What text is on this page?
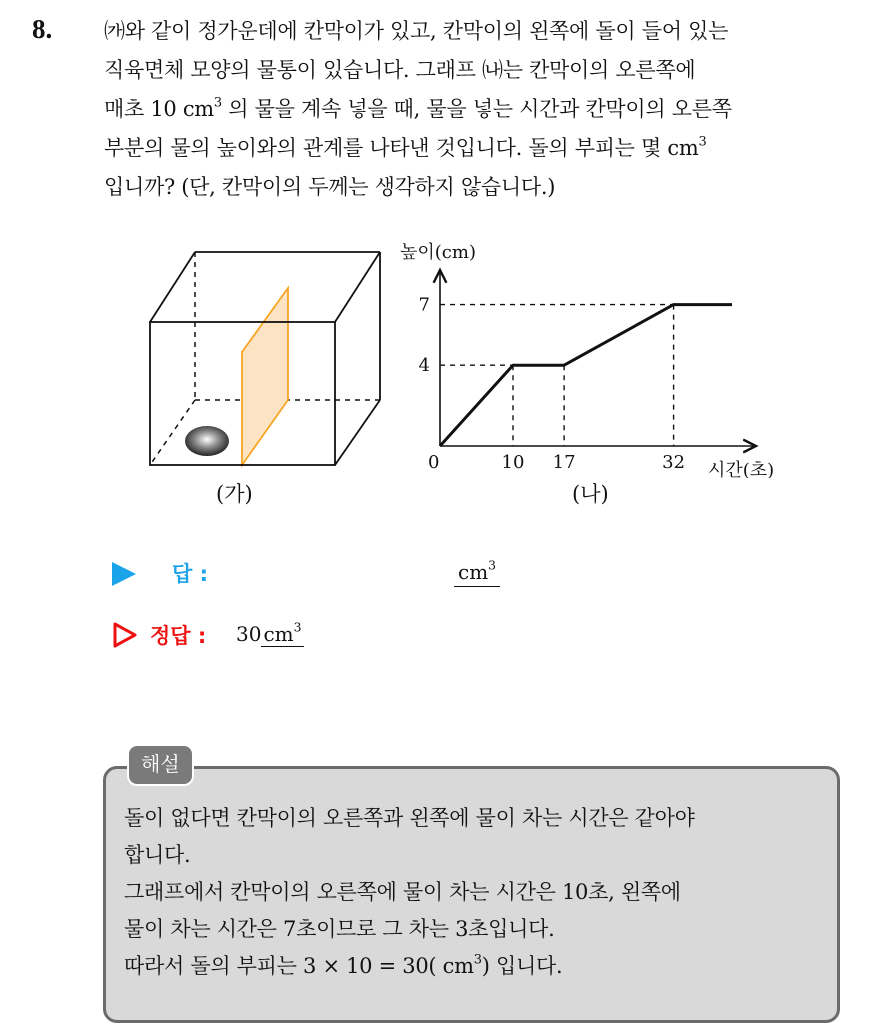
8. ㈎와 같이 정가운데에 칸막이가 있고, 칸막이의 왼쪽에 돌이 들어 있는
직육면체 모양의 물통이 있습니다. 그래프 ㈏는 칸막이의 오른쪽에
매초 10 $cm^3$ 의 물을 계속 넣을 때, 물을 넣는 시간과 칸막이의 오른쪽
부분의 물의 높이와의 관계를 나타낸 것입니다. 돌의 부피는 몇 $cm^3$
입니까? (단, 칸막이의 두께는 생각하지 않습니다.)
(가)
높이(cm)
시간(초)
0	10 17	32
4
7
(나)
답 :	$cm^3$
정답 : 30 $cm^3$
해설
돌이 없다면 칸막이의 오른쪽과 왼쪽에 물이 차는 시간은 같아야
합니다.
그래프에서 칸막이의 오른쪽에 물이 차는 시간은 10초, 왼쪽에
물이 차는 시간은 7초이므로 그 차는 3초입니다.
따라서 돌의 부피는 3 × 10 = 30( $cm^3$) 입니다.
